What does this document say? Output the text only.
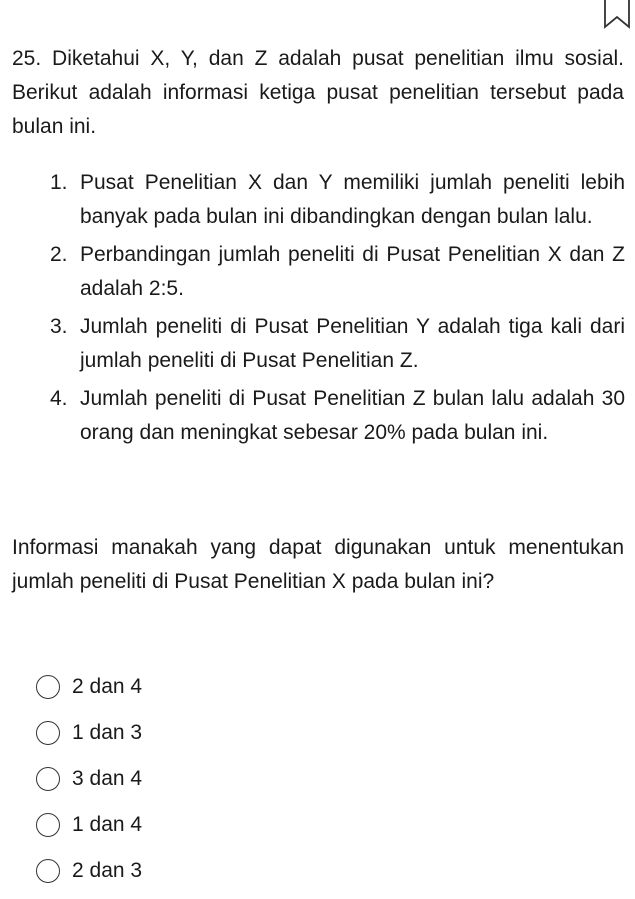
25. Diketahui X, Y, dan Z adalah pusat penelitian ilmu sosial. Berikut adalah informasi ketiga pusat penelitian tersebut pada bulan ini.

1. Pusat Penelitian X dan Y memiliki jumlah peneliti lebih banyak pada bulan ini dibandingkan dengan bulan lalu.
2. Perbandingan jumlah peneliti di Pusat Penelitian X dan Z adalah 2:5.
3. Jumlah peneliti di Pusat Penelitian Y adalah tiga kali dari jumlah peneliti di Pusat Penelitian Z.
4. Jumlah peneliti di Pusat Penelitian Z bulan lalu adalah 30 orang dan meningkat sebesar 20% pada bulan ini.

Informasi manakah yang dapat digunakan untuk menentukan jumlah peneliti di Pusat Penelitian X pada bulan ini?

2 dan 4
1 dan 3
3 dan 4
1 dan 4
2 dan 3
